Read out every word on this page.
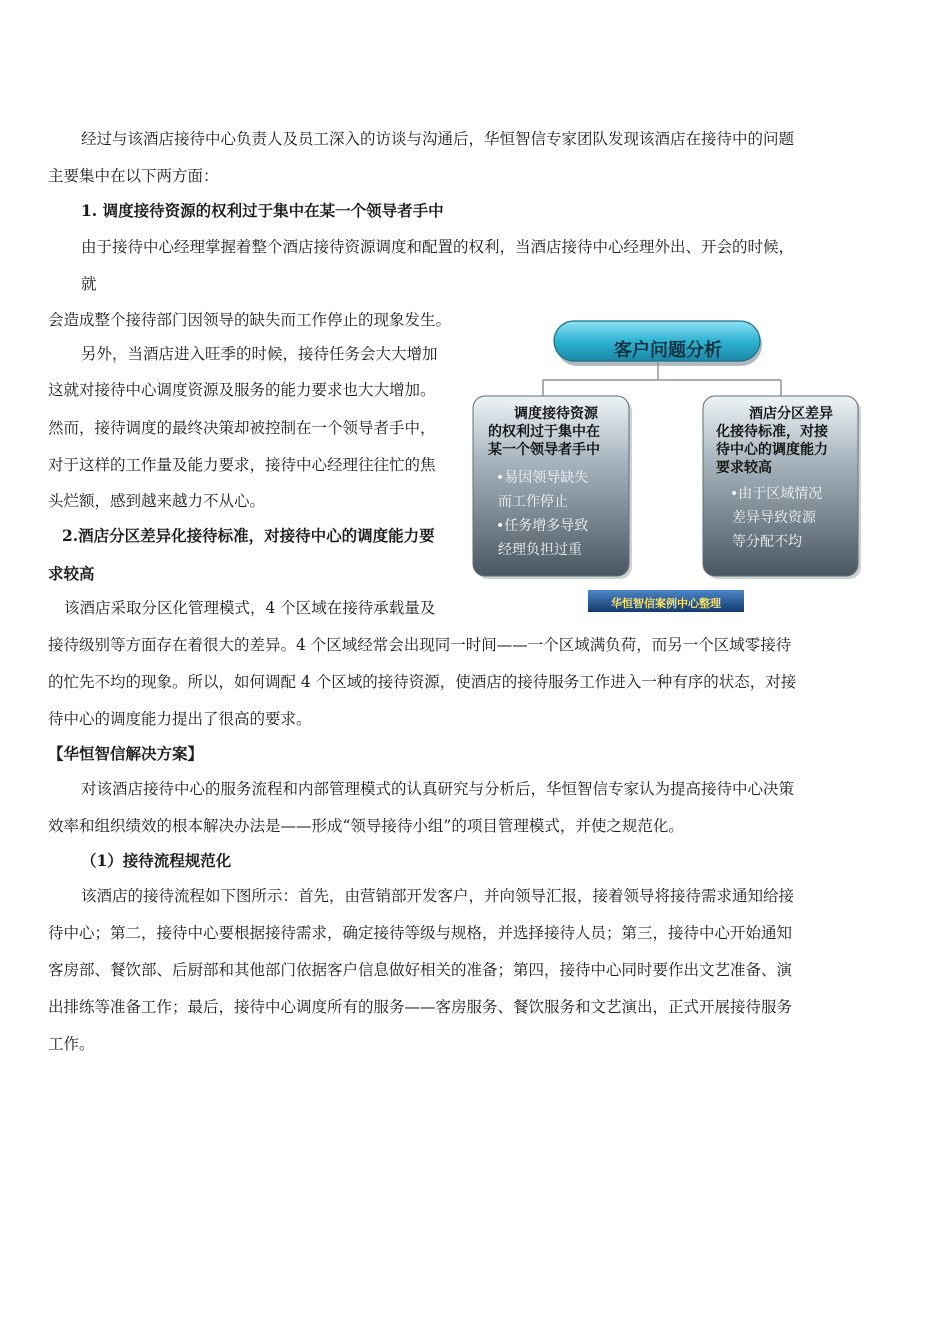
经过与该酒店接待中心负责人及员工深入的访谈与沟通后，华恒智信专家团队发现该酒店在接待中的问题
主要集中在以下两方面：
1. 调度接待资源的权利过于集中在某一个领导者手中
由于接待中心经理掌握着整个酒店接待资源调度和配置的权利，当酒店接待中心经理外出、开会的时候，
就
会造成整个接待部门因领导的缺失而工作停止的现象发生。
另外，当酒店进入旺季的时候，接待任务会大大增加
这就对接待中心调度资源及服务的能力要求也大大增加。
然而，接待调度的最终决策却被控制在一个领导者手中，
对于这样的工作量及能力要求，接待中心经理往往忙的焦
头烂额，感到越来越力不从心。
2.酒店分区差异化接待标准，对接待中心的调度能力要
求较高
该酒店采取分区化管理模式，4 个区域在接待承载量及
接待级别等方面存在着很大的差异。4 个区域经常会出现同一时间——一个区域满负荷，而另一个区域零接待
的忙先不均的现象。所以，如何调配 4 个区域的接待资源，使酒店的接待服务工作进入一种有序的状态，对接
待中心的调度能力提出了很高的要求。
【华恒智信解决方案】
对该酒店接待中心的服务流程和内部管理模式的认真研究与分析后，华恒智信专家认为提高接待中心决策
效率和组织绩效的根本解决办法是——形成“领导接待小组”的项目管理模式，并使之规范化。
（1）接待流程规范化
该酒店的接待流程如下图所示：首先，由营销部开发客户，并向领导汇报，接着领导将接待需求通知给接
待中心；第二，接待中心要根据接待需求，确定接待等级与规格，并选择接待人员；第三，接待中心开始通知
客房部、餐饮部、后厨部和其他部门依据客户信息做好相关的准备；第四，接待中心同时要作出文艺准备、演
出排练等准备工作；最后，接待中心调度所有的服务——客房服务、餐饮服务和文艺演出，正式开展接待服务
工作。
客户问题分析
调度接待资源
的权利过于集中在
某一个领导者手中
•易因领导缺失
而工作停止
•任务增多导致
经理负担过重
酒店分区差异
化接待标准，对接
待中心的调度能力
要求较高
•由于区域情况
差异导致资源
等分配不均
华恒智信案例中心整理
